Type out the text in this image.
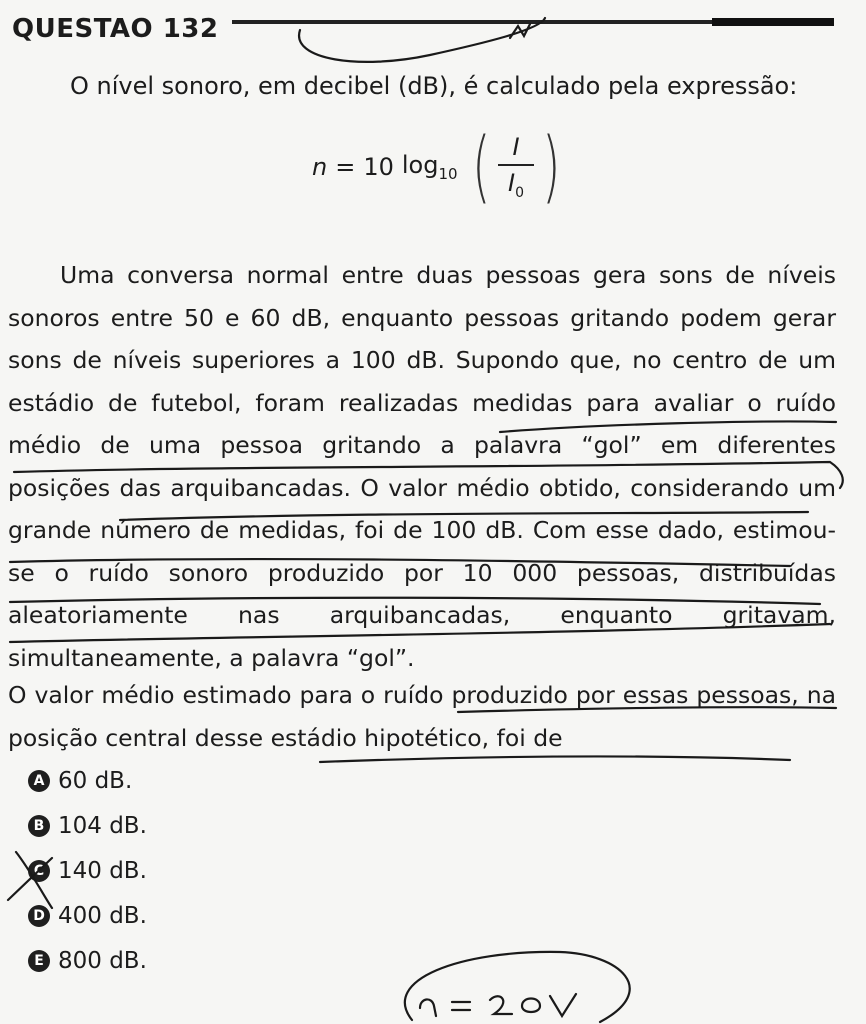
QUESTAO 132
O nível sonoro, em decibel (dB), é calculado pela expressão:
n = 10 $\log_{10}$ ( $\frac{I}{I_0}$ )

Uma conversa normal entre duas pessoas gera sons de níveis sonoros entre 50 e 60 dB, enquanto pessoas gritando podem gerar sons de níveis superiores a 100 dB. Supondo que, no centro de um estádio de futebol, foram realizadas medidas para avaliar o ruído médio de uma pessoa gritando a palavra “gol” em diferentes posições das arquibancadas. O valor médio obtido, considerando um grande número de medidas, foi de 100 dB. Com esse dado, estimou-se o ruído sonoro produzido por 10 000 pessoas, distribuídas aleatoriamente nas arquibancadas, enquanto gritavam, simultaneamente, a palavra “gol”.

O valor médio estimado para o ruído produzido por essas pessoas, na posição central desse estádio hipotético, foi de

A 60 dB.
B 104 dB.
C 140 dB.
D 400 dB.
E 800 dB.
